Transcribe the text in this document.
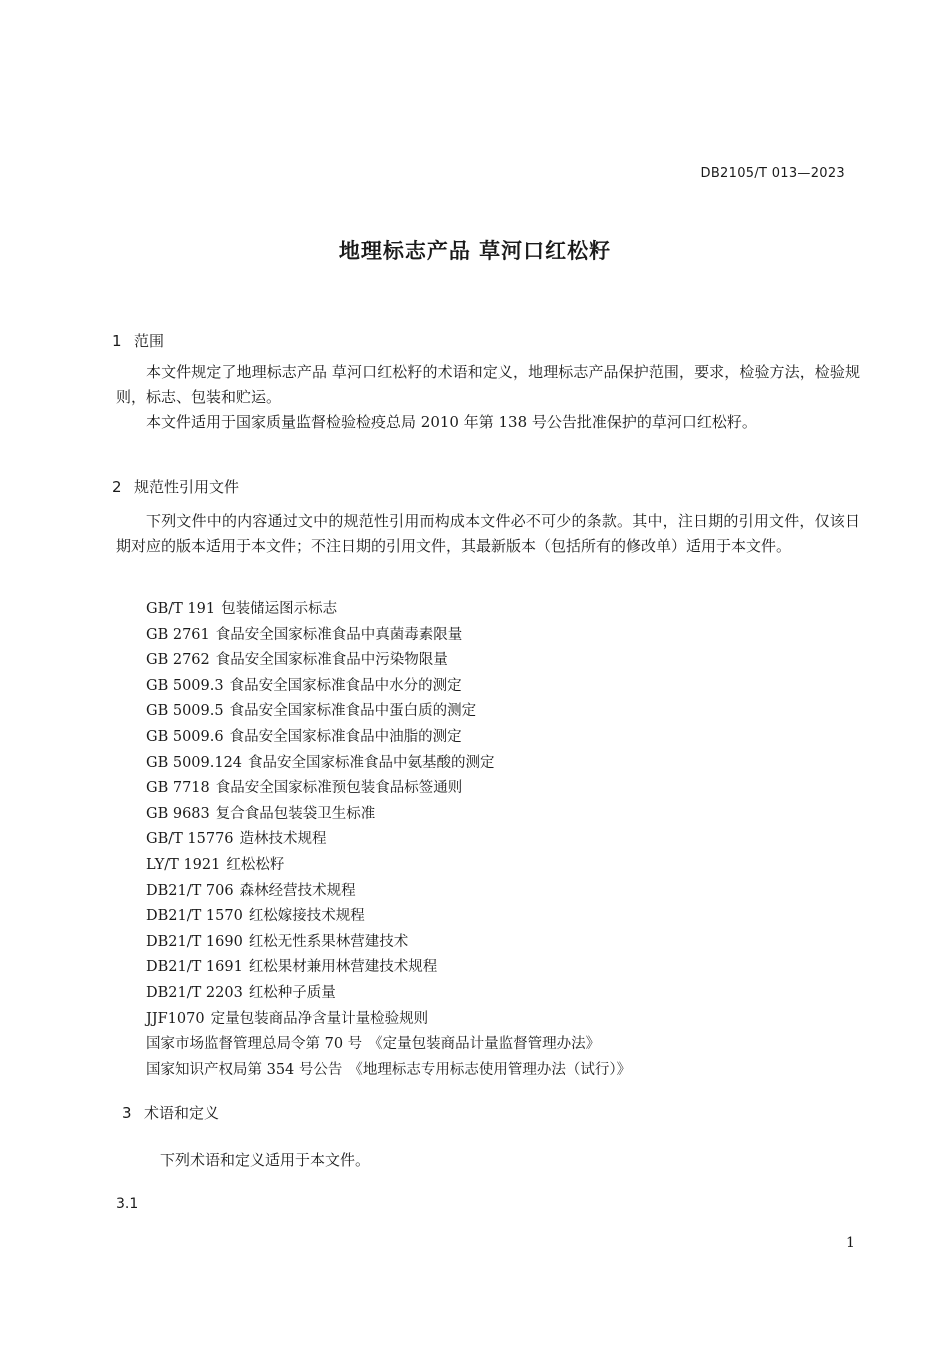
DB2105/T 013—2023
地理标志产品 草河口红松籽
1 范围
本文件规定了地理标志产品 草河口红松籽的术语和定义，地理标志产品保护范围，要求，检验方法，检验规则，标志、包装和贮运。
本文件适用于国家质量监督检验检疫总局 2010 年第 138 号公告批准保护的草河口红松籽。
2 规范性引用文件
下列文件中的内容通过文中的规范性引用而构成本文件必不可少的条款。其中，注日期的引用文件，仅该日期对应的版本适用于本文件；不注日期的引用文件，其最新版本（包括所有的修改单）适用于本文件。
GB/T 191 包装储运图示标志
GB 2761 食品安全国家标准食品中真菌毒素限量
GB 2762 食品安全国家标准食品中污染物限量
GB 5009.3 食品安全国家标准食品中水分的测定
GB 5009.5 食品安全国家标准食品中蛋白质的测定
GB 5009.6 食品安全国家标准食品中油脂的测定
GB 5009.124 食品安全国家标准食品中氨基酸的测定
GB 7718 食品安全国家标准预包装食品标签通则
GB 9683 复合食品包装袋卫生标准
GB/T 15776 造林技术规程
LY/T 1921 红松松籽
DB21/T 706 森林经营技术规程
DB21/T 1570 红松嫁接技术规程
DB21/T 1690 红松无性系果林营建技术
DB21/T 1691 红松果材兼用林营建技术规程
DB21/T 2203 红松种子质量
JJF1070 定量包装商品净含量计量检验规则
国家市场监督管理总局令第 70 号 《定量包装商品计量监督管理办法》
国家知识产权局第 354 号公告 《地理标志专用标志使用管理办法（试行）》
3 术语和定义
下列术语和定义适用于本文件。
3.1
1
